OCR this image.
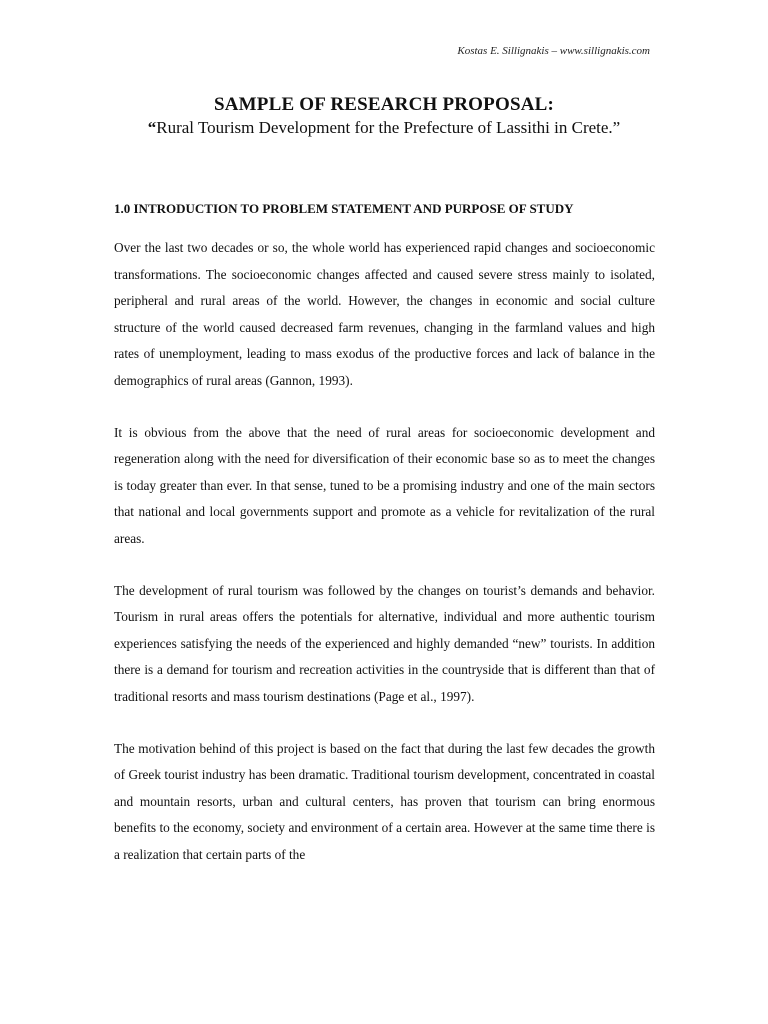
Kostas E. Sillignakis – www.sillignakis.com
SAMPLE OF RESEARCH PROPOSAL:

“Rural Tourism Development for the Prefecture of Lassithi in Crete.”

1.0 INTRODUCTION TO PROBLEM STATEMENT AND PURPOSE OF STUDY

Over the last two decades or so, the whole world has experienced rapid changes and socioeconomic transformations. The socioeconomic changes affected and caused severe stress mainly to isolated, peripheral and rural areas of the world. However, the changes in economic and social culture structure of the world caused decreased farm revenues, changing in the farmland values and high rates of unemployment, leading to mass exodus of the productive forces and lack of balance in the demographics of rural areas (Gannon, 1993).

It is obvious from the above that the need of rural areas for socioeconomic development and regeneration along with the need for diversification of their economic base so as to meet the changes is today greater than ever. In that sense, tuned to be a promising industry and one of the main sectors that national and local governments support and promote as a vehicle for revitalization of the rural areas.

The development of rural tourism was followed by the changes on tourist’s demands and behavior. Tourism in rural areas offers the potentials for alternative, individual and more authentic tourism experiences satisfying the needs of the experienced and highly demanded “new” tourists. In addition there is a demand for tourism and recreation activities in the countryside that is different than that of traditional resorts and mass tourism destinations (Page et al., 1997).

The motivation behind of this project is based on the fact that during the last few decades the growth of Greek tourist industry has been dramatic. Traditional tourism development, concentrated in coastal and mountain resorts, urban and cultural centers, has proven that tourism can bring enormous benefits to the economy, society and environment of a certain area. However at the same time there is a realization that certain parts of the
